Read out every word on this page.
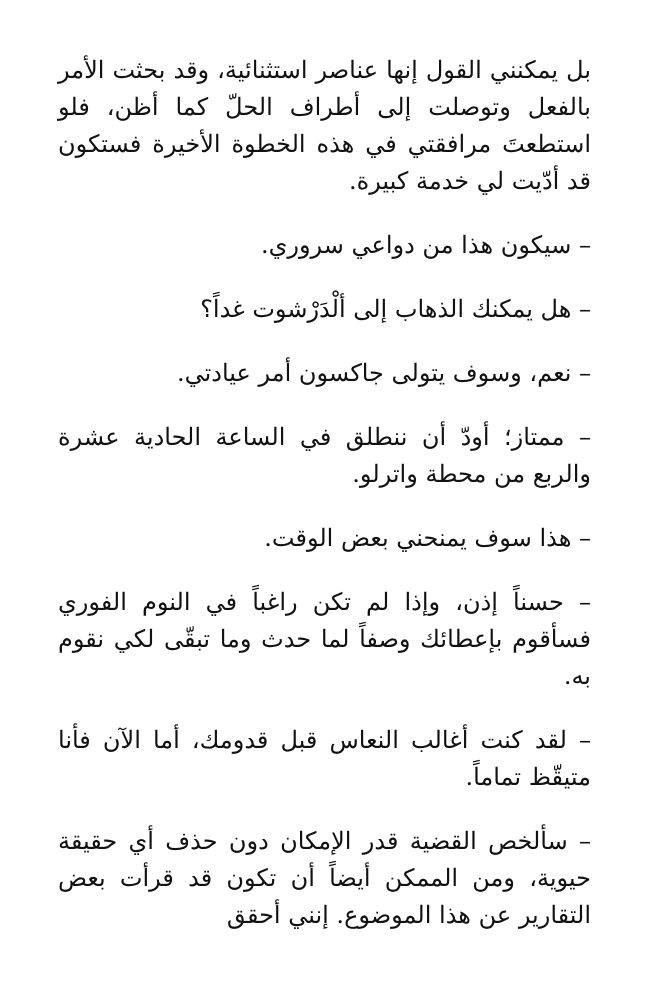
بل يمكنني القول إنها عناصر استثنائية، وقد بحثت الأمر بالفعل وتوصلت إلى أطراف الحلّ كما أظن، فلو استطعتَ مرافقتي في هذه الخطوة الأخيرة فستكون قد أدّيت لي خدمة كبيرة.

– سيكون هذا من دواعي سروري.

– هل يمكنك الذهاب إلى ألْدَرْشوت غداً؟

– نعم، وسوف يتولى جاكسون أمر عيادتي.

– ممتاز؛ أودّ أن ننطلق في الساعة الحادية عشرة والربع من محطة واترلو.

– هذا سوف يمنحني بعض الوقت.

– حسناً إذن، وإذا لم تكن راغباً في النوم الفوري فسأقوم بإعطائك وصفاً لما حدث وما تبقّى لكي نقوم به.

– لقد كنت أغالب النعاس قبل قدومك، أما الآن فأنا متيقّظ تماماً.

– سألخص القضية قدر الإمكان دون حذف أي حقيقة حيوية، ومن الممكن أيضاً أن تكون قد قرأت بعض التقارير عن هذا الموضوع. إنني أحقق
